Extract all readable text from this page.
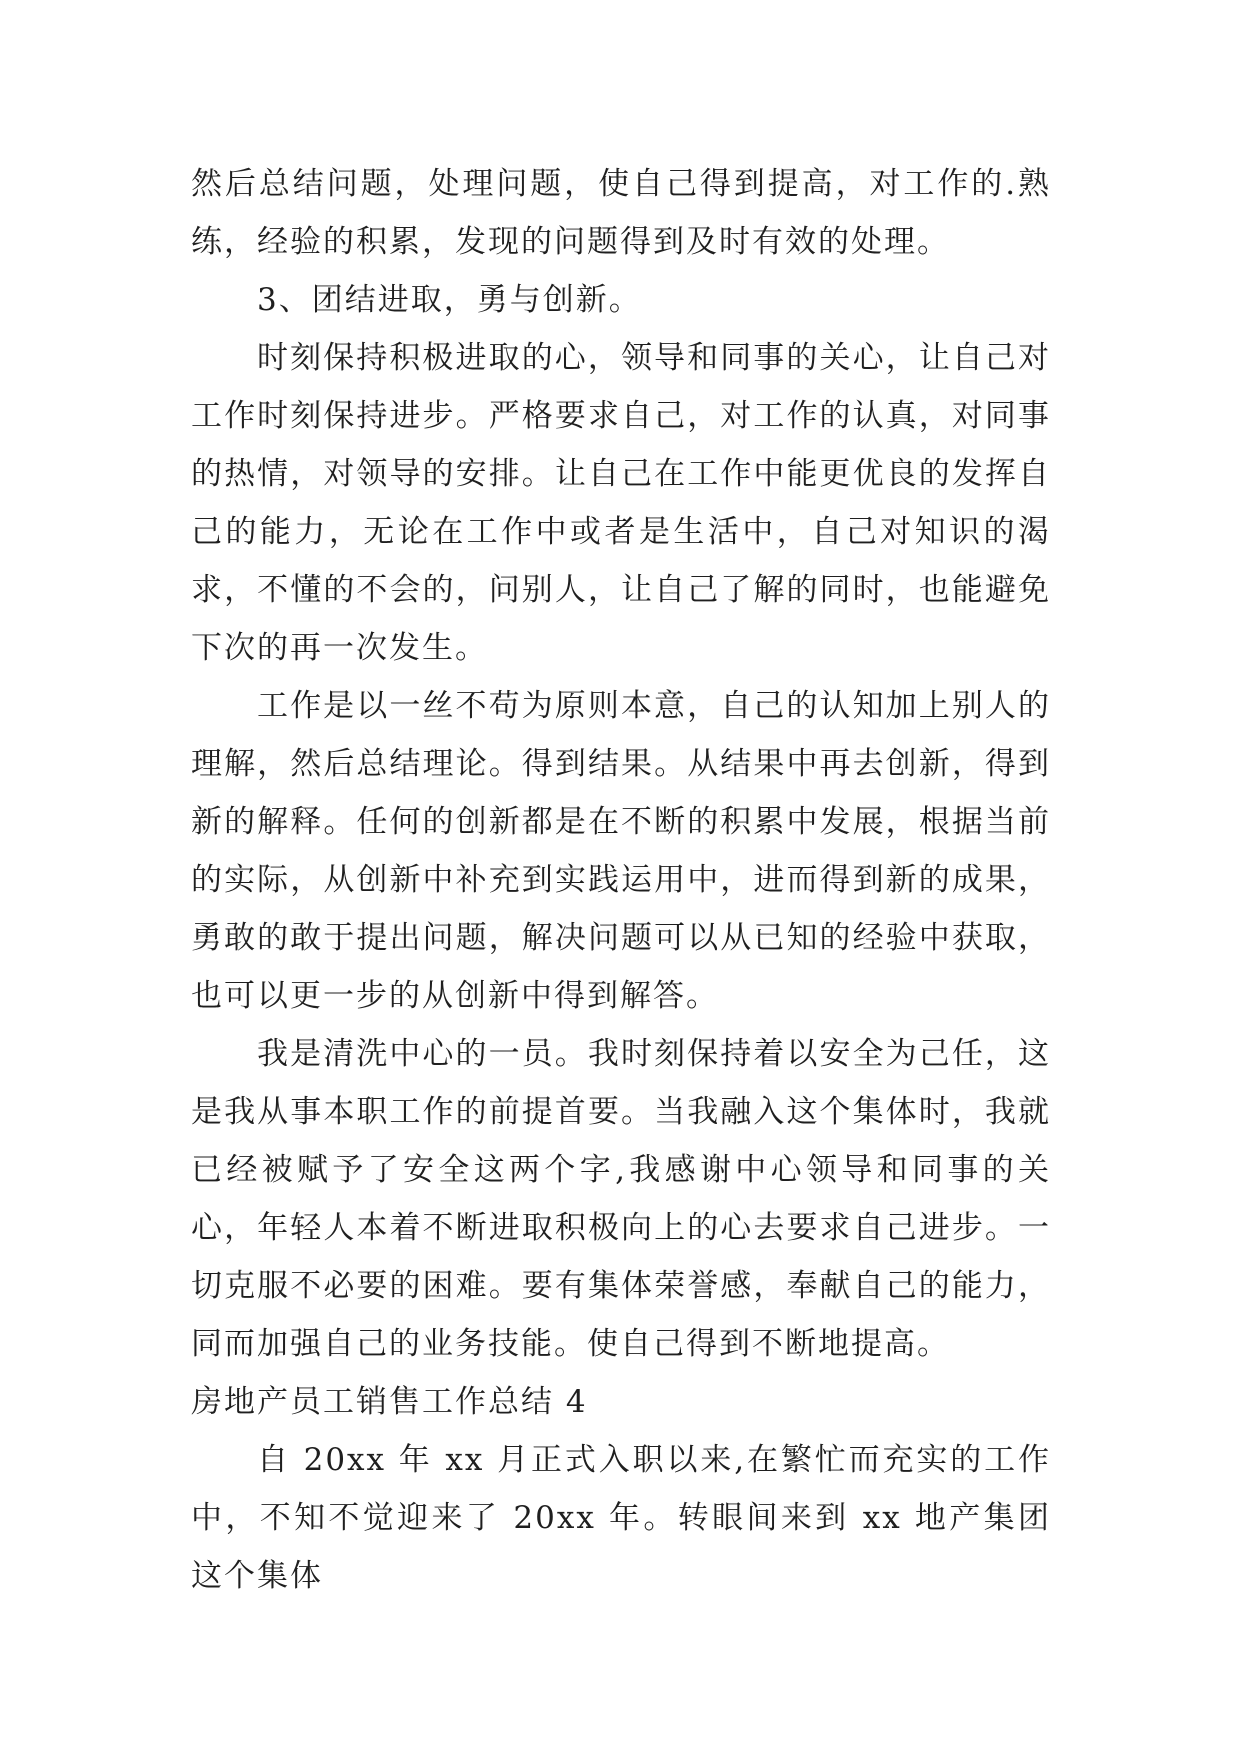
然后总结问题，处理问题，使自己得到提高，对工作的.熟练，经验的积累，发现的问题得到及时有效的处理。

3、团结进取，勇与创新。

时刻保持积极进取的心，领导和同事的关心，让自己对工作时刻保持进步。严格要求自己，对工作的认真，对同事的热情，对领导的安排。让自己在工作中能更优良的发挥自己的能力，无论在工作中或者是生活中，自己对知识的渴求，不懂的不会的，问别人，让自己了解的同时，也能避免下次的再一次发生。

工作是以一丝不苟为原则本意，自己的认知加上别人的理解，然后总结理论。得到结果。从结果中再去创新，得到新的解释。任何的创新都是在不断的积累中发展，根据当前的实际，从创新中补充到实践运用中，进而得到新的成果，勇敢的敢于提出问题，解决问题可以从已知的经验中获取，也可以更一步的从创新中得到解答。

我是清洗中心的一员。我时刻保持着以安全为己任，这是我从事本职工作的前提首要。当我融入这个集体时，我就已经被赋予了安全这两个字,我感谢中心领导和同事的关心，年轻人本着不断进取积极向上的心去要求自己进步。一切克服不必要的困难。要有集体荣誉感，奉献自己的能力，同而加强自己的业务技能。使自己得到不断地提高。

房地产员工销售工作总结 4

自 20xx 年 xx 月正式入职以来,在繁忙而充实的工作中，不知不觉迎来了 20xx 年。转眼间来到 xx 地产集团这个集体
